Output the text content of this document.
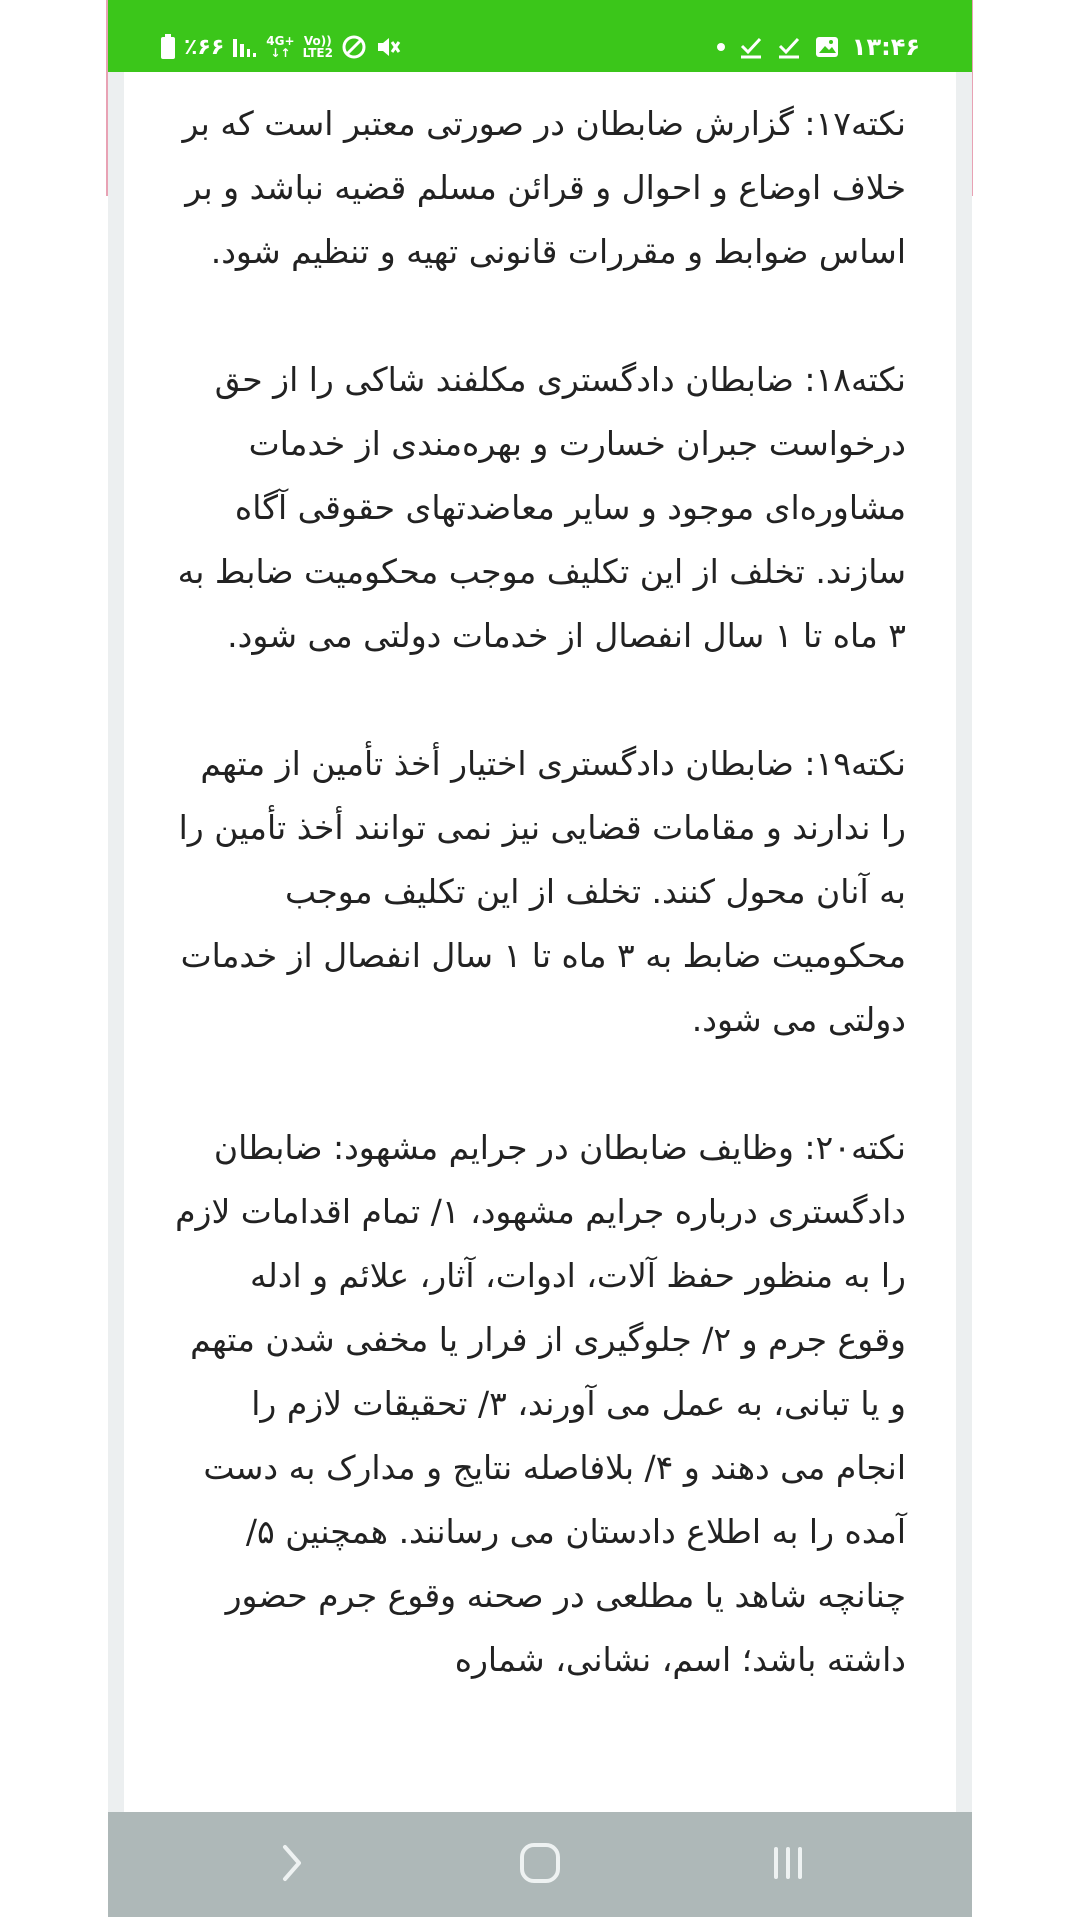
٪۶۶	4G+
↓↑
Vo))
LTE2	۱۳:۴۶

نکته۱۷: گزارش ضابطان در صورتی معتبر است که بر خلاف اوضاع و احوال و قرائن مسلم قضیه نباشد و بر اساس ضوابط و مقررات قانونی تهیه و تنظیم شود.

نکته۱۸: ضابطان دادگستری مکلفند شاکی را از حق درخواست جبران خسارت و بهره‌مندی از خدمات مشاوره‌ای موجود و سایر معاضدتهای حقوقی آگاه سازند. تخلف از این تکلیف موجب محکومیت ضابط به ۳ ماه تا ۱ سال انفصال از خدمات دولتی می شود.

نکته۱۹: ضابطان دادگستری اختیار أخذ تأمین از متهم را ندارند و مقامات قضایی نیز نمی توانند أخذ تأمین را به آنان محول کنند. تخلف از این تکلیف موجب محکومیت ضابط به ۳ ماه تا ۱ سال انفصال از خدمات دولتی می شود.

نکته۲۰: وظایف ضابطان در جرایم مشهود: ضابطان دادگستری درباره جرایم مشهود، ۱/ تمام اقدامات لازم را به منظور حفظ آلات، ادوات، آثار، علائم و ادله وقوع جرم و ۲/ جلوگیری از فرار یا مخفی شدن متهم و یا تبانی، به عمل می آورند، ۳/ تحقیقات لازم را انجام می دهند و ۴/ بلافاصله نتایج و مدارک به دست آمده را به اطلاع دادستان می رسانند. همچنین ۵/ چنانچه شاهد یا مطلعی در صحنه وقوع جرم حضور داشته باشد؛ اسم، نشانی، شماره
